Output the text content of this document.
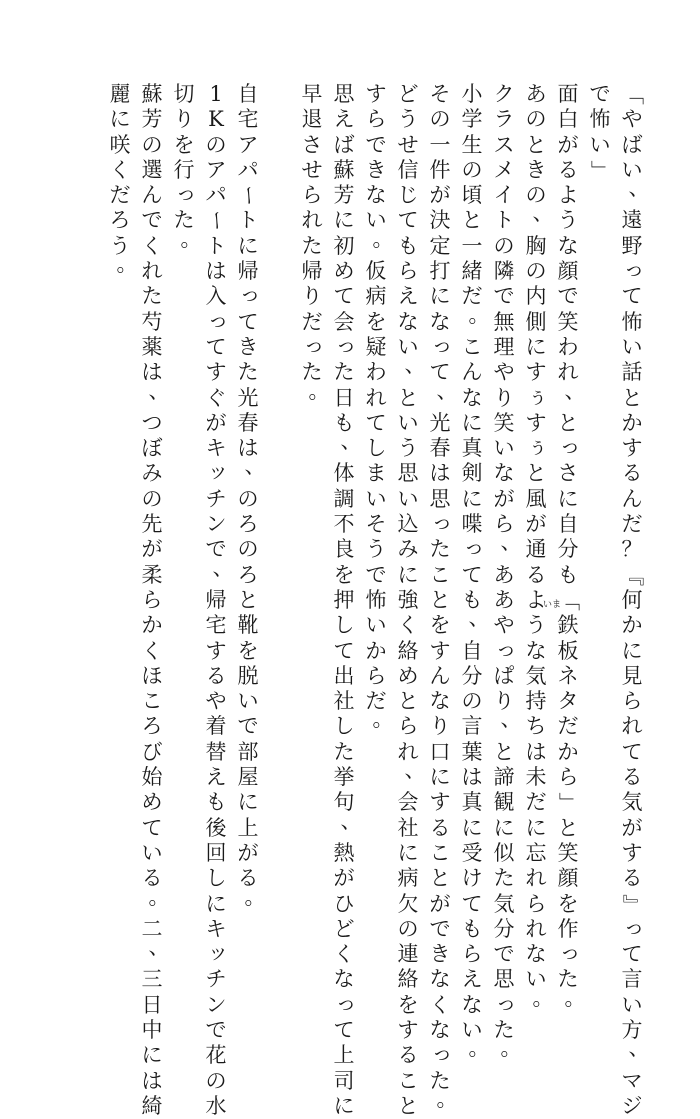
「
や
ば
い
、
遠
野
っ
て
怖
い
話
と
か
す
る
ん
だ
？
『
何
か
に
見
ら
れ
て
る
気
が
す
る
』
っ
て
言
い
方
、
マ
ジ
で
怖
い
」
面
白
が
る
よ
う
な
顔
で
笑
わ
れ
、
と
っ
さ
に
自
分
も
「
鉄
板
ネ
タ
だ
か
ら
」
と
笑
顔
を
作
っ
た
。
あ
の
と
き
の
、
胸
の
内
側
に
す
ぅ
す
ぅ
と
風
が
通
る
よ
う
な
気
持
ち
は
未
だ
に
忘
れ
ら
れ
な
い
。
ク
ラ
ス
メ
イ
ト
の
隣
で
無
理
や
り
笑
い
な
が
ら
、
あ
あ
や
っ
ぱ
り
、
と
諦
観
に
似
た
気
分
で
思
っ
た
。
小
学
生
の
頃
と
一
緒
だ
。
こ
ん
な
に
真
剣
に
喋
っ
て
も
、
自
分
の
言
葉
は
真
に
受
け
て
も
ら
え
な
い
。
そ
の
一
件
が
決
定
打
に
な
っ
て
、
光
春
は
思
っ
た
こ
と
を
す
ん
な
り
口
に
す
る
こ
と
が
で
き
な
く
な
っ
た
。
ど
う
せ
信
じ
て
も
ら
え
な
い
、
と
い
う
思
い
込
み
に
強
く
絡
め
と
ら
れ
、
会
社
に
病
欠
の
連
絡
を
す
る
こ
と
す
ら
で
き
な
い
。
仮
病
を
疑
わ
れ
て
し
ま
い
そ
う
で
怖
い
か
ら
だ
。
思
え
ば
蘇
芳
に
初
め
て
会
っ
た
日
も
、
体
調
不
良
を
押
し
て
出
社
し
た
挙
句
、
熱
が
ひ
ど
く
な
っ
て
上
司
に
早
退
さ
せ
ら
れ
た
帰
り
だ
っ
た
。
自
宅
ア
パ
ー
ト
に
帰
っ
て
き
た
光
春
は
、
の
ろ
の
ろ
と
靴
を
脱
い
で
部
屋
に
上
が
る
。
1
K
の
ア
パ
ー
ト
は
入
っ
て
す
ぐ
が
キ
ッ
チ
ン
で
、
帰
宅
す
る
や
着
替
え
も
後
回
し
に
キ
ッ
チ
ン
で
花
の
水
切
り
を
行
っ
た
。
蘇
芳
の
選
ん
で
く
れ
た
芍
薬
は
、
つ
ぼ
み
の
先
が
柔
ら
か
く
ほ
こ
ろ
び
始
め
て
い
る
。
二
、
三
日
中
に
は
綺
麗
に
咲
く
だ
ろ
う
。
いま
